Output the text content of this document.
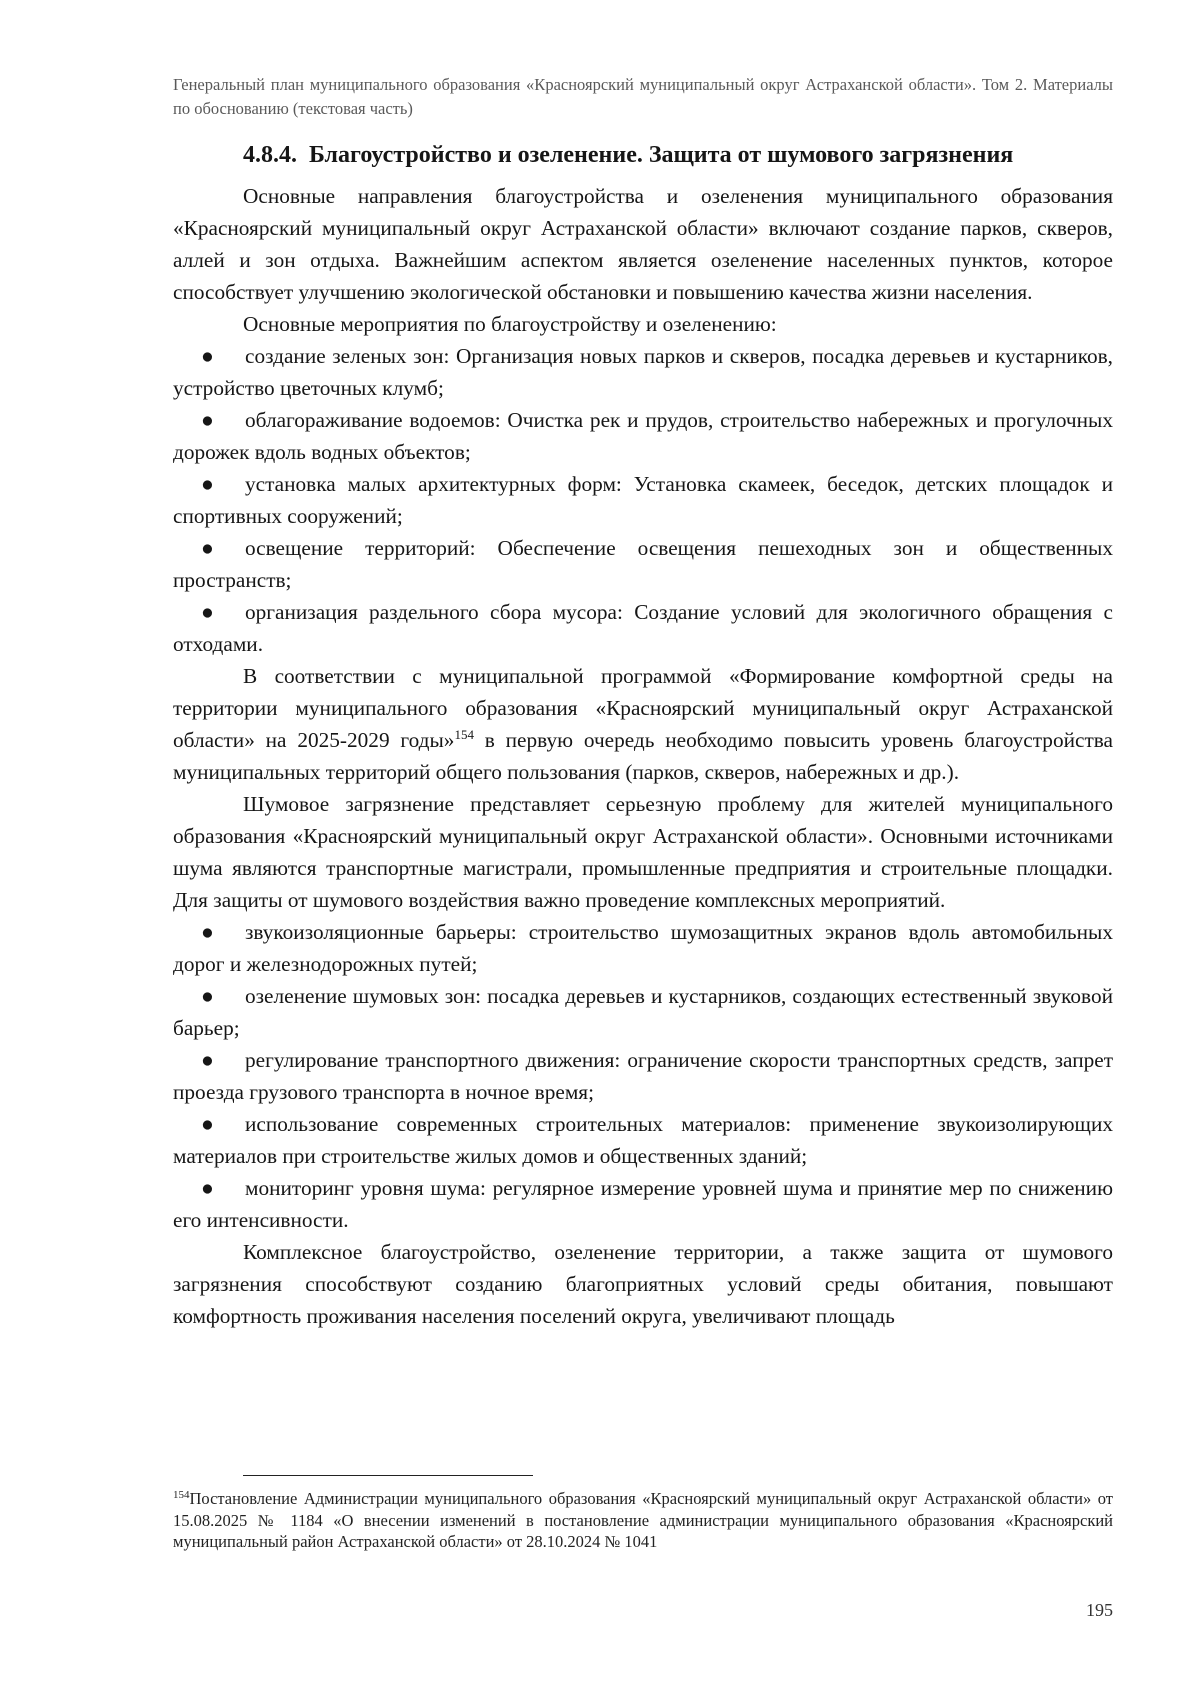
Генеральный план муниципального образования «Красноярский муниципальный округ Астраханской области». Том 2. Материалы по обоснованию (текстовая часть)
4.8.4. Благоустройство и озеленение. Защита от шумового загрязнения

Основные направления благоустройства и озеленения муниципального образования «Красноярский муниципальный округ Астраханской области» включают создание парков, скверов, аллей и зон отдыха. Важнейшим аспектом является озеленение населенных пунктов, которое способствует улучшению экологической обстановки и повышению качества жизни населения.

Основные мероприятия по благоустройству и озеленению:

● создание зеленых зон: Организация новых парков и скверов, посадка деревьев и кустарников, устройство цветочных клумб;

● облагораживание водоемов: Очистка рек и прудов, строительство набережных и прогулочных дорожек вдоль водных объектов;

● установка малых архитектурных форм: Установка скамеек, беседок, детских площадок и спортивных сооружений;

● освещение территорий: Обеспечение освещения пешеходных зон и общественных пространств;

● организация раздельного сбора мусора: Создание условий для экологичного обращения с отходами.

В соответствии с муниципальной программой «Формирование комфортной среды на территории муниципального образования «Красноярский муниципальный округ Астраханской области» на 2025-2029 годы»$^{154}$ в первую очередь необходимо повысить уровень благоустройства муниципальных территорий общего пользования (парков, скверов, набережных и др.).

Шумовое загрязнение представляет серьезную проблему для жителей муниципального образования «Красноярский муниципальный округ Астраханской области». Основными источниками шума являются транспортные магистрали, промышленные предприятия и строительные площадки. Для защиты от шумового воздействия важно проведение комплексных мероприятий.

● звукоизоляционные барьеры: строительство шумозащитных экранов вдоль автомобильных дорог и железнодорожных путей;

● озеленение шумовых зон: посадка деревьев и кустарников, создающих естественный звуковой барьер;

● регулирование транспортного движения: ограничение скорости транспортных средств, запрет проезда грузового транспорта в ночное время;

● использование современных строительных материалов: применение звукоизолирующих материалов при строительстве жилых домов и общественных зданий;

● мониторинг уровня шума: регулярное измерение уровней шума и принятие мер по снижению его интенсивности.

Комплексное благоустройство, озеленение территории, а также защита от шумового загрязнения способствуют созданию благоприятных условий среды обитания, повышают комфортность проживания населения поселений округа, увеличивают площадь

$^{154}$Постановление Администрации муниципального образования «Красноярский муниципальный округ Астраханской области» от 15.08.2025 № 1184 «О внесении изменений в постановление администрации муниципального образования «Красноярский муниципальный район Астраханской области» от 28.10.2024 № 1041
195
